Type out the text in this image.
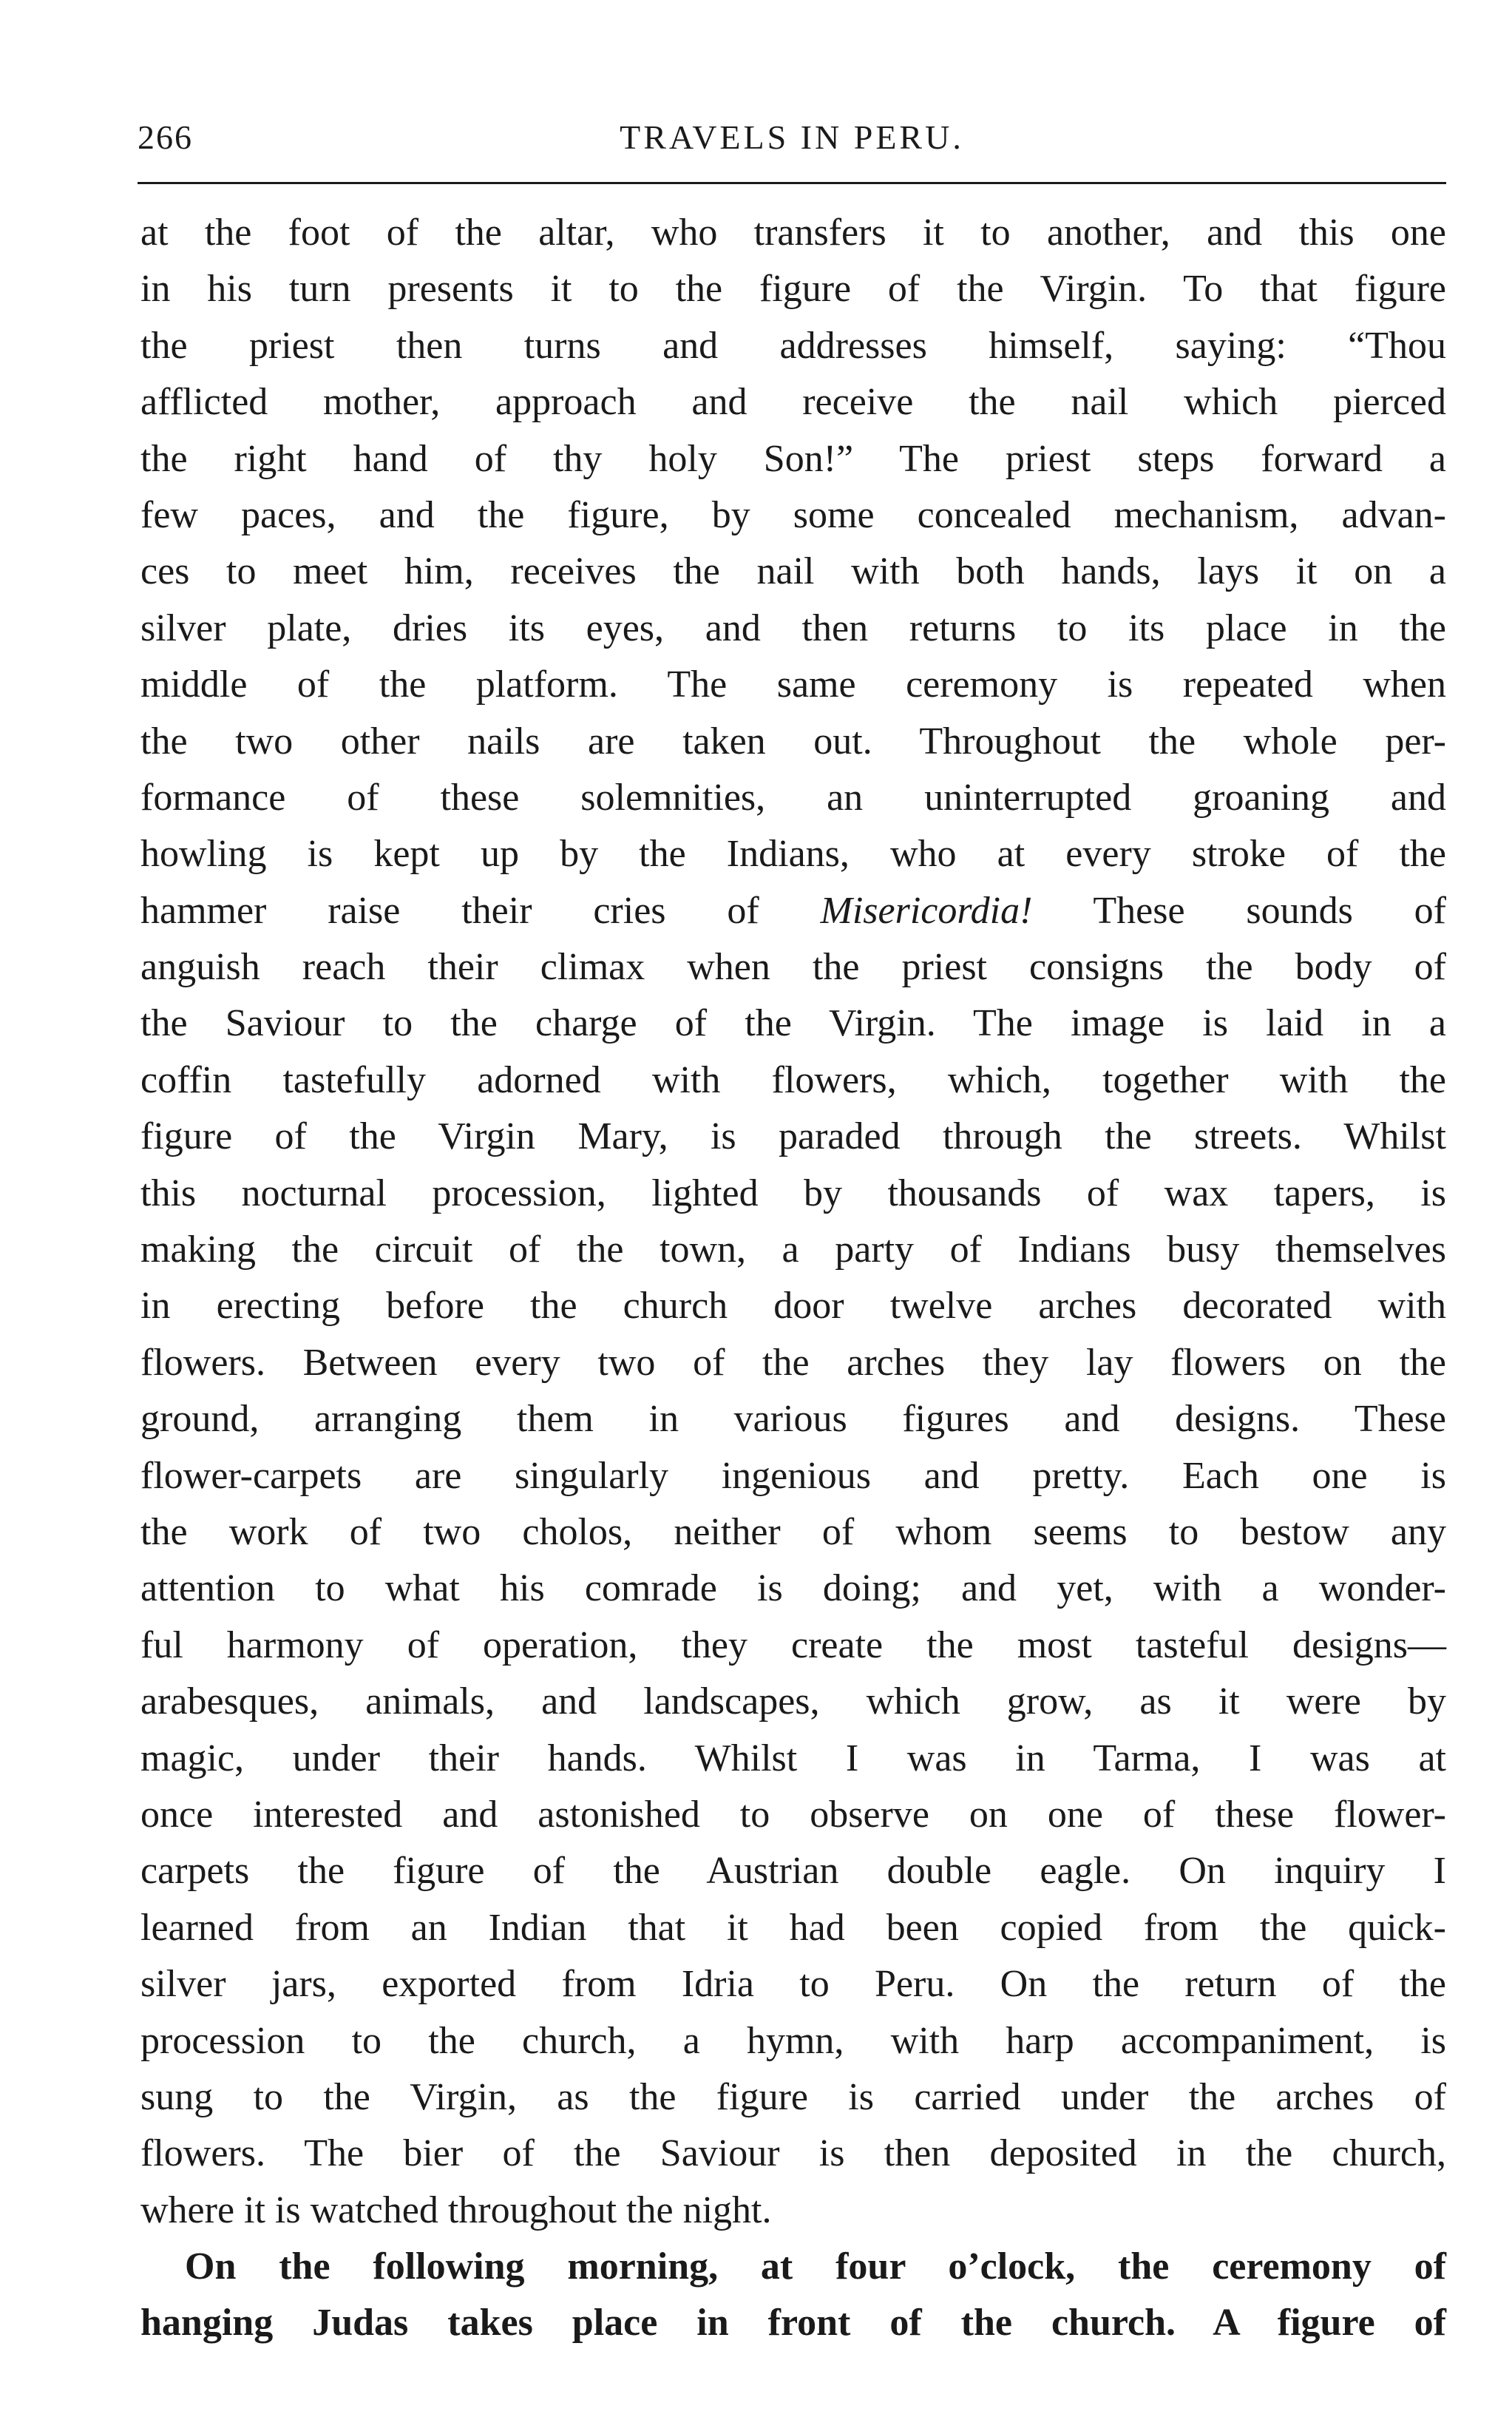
266	TRAVELS IN PERU.
at the foot of the altar, who transfers it to another, and this one
in his turn presents it to the figure of the Virgin. To that figure
the priest then turns and addresses himself, saying: “Thou
afflicted mother, approach and receive the nail which pierced
the right hand of thy holy Son!” The priest steps forward a
few paces, and the figure, by some concealed mechanism, advan-
ces to meet him, receives the nail with both hands, lays it on a
silver plate, dries its eyes, and then returns to its place in the
middle of the platform. The same ceremony is repeated when
the two other nails are taken out. Throughout the whole per-
formance of these solemnities, an uninterrupted groaning and
howling is kept up by the Indians, who at every stroke of the
hammer raise their cries of Misericordia! These sounds of
anguish reach their climax when the priest consigns the body of
the Saviour to the charge of the Virgin. The image is laid in a
coffin tastefully adorned with flowers, which, together with the
figure of the Virgin Mary, is paraded through the streets. Whilst
this nocturnal procession, lighted by thousands of wax tapers, is
making the circuit of the town, a party of Indians busy themselves
in erecting before the church door twelve arches decorated with
flowers. Between every two of the arches they lay flowers on the
ground, arranging them in various figures and designs. These
flower-carpets are singularly ingenious and pretty. Each one is
the work of two cholos, neither of whom seems to bestow any
attention to what his comrade is doing; and yet, with a wonder-
ful harmony of operation, they create the most tasteful designs—
arabesques, animals, and landscapes, which grow, as it were by
magic, under their hands. Whilst I was in Tarma, I was at
once interested and astonished to observe on one of these flower-
carpets the figure of the Austrian double eagle. On inquiry I
learned from an Indian that it had been copied from the quick-
silver jars, exported from Idria to Peru. On the return of the
procession to the church, a hymn, with harp accompaniment, is
sung to the Virgin, as the figure is carried under the arches of
flowers. The bier of the Saviour is then deposited in the church,
where it is watched throughout the night.
On the following morning, at four o’clock, the ceremony of
hanging Judas takes place in front of the church. A figure of
